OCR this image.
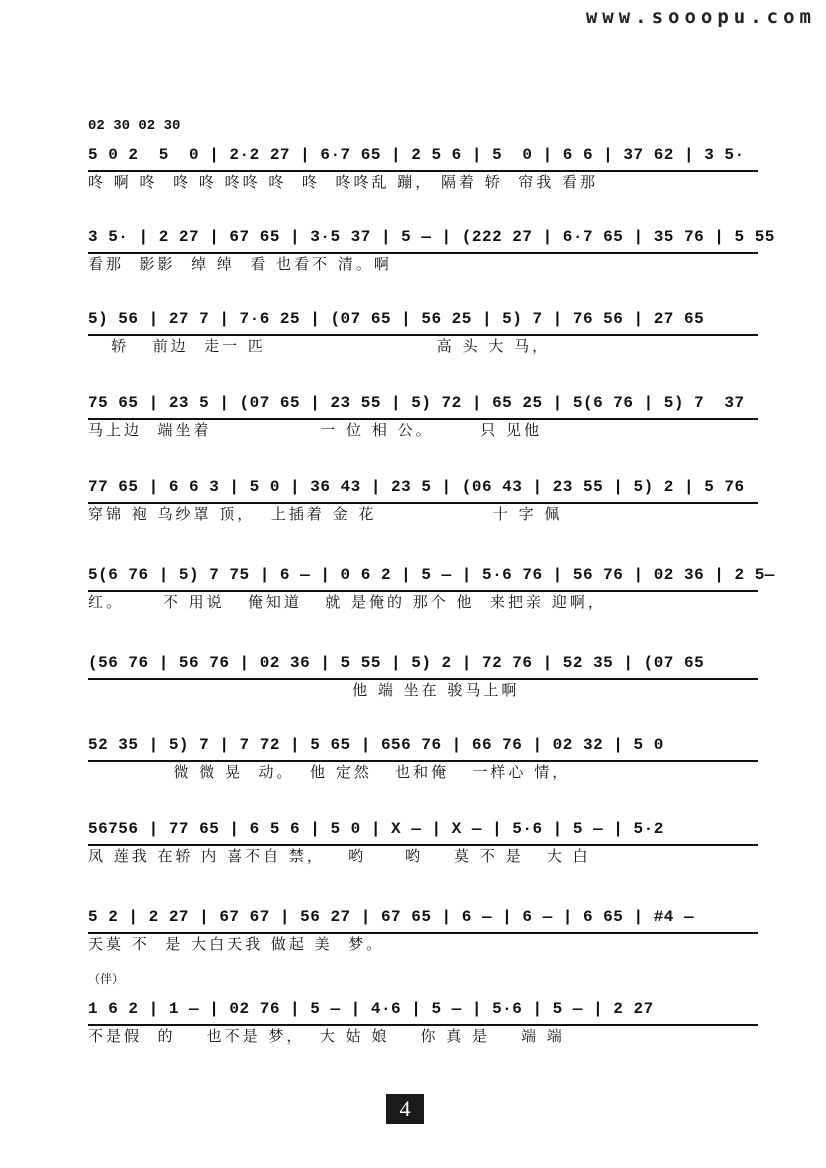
www.sooopu.com
02 30 02 30
5 0 2  5  0 | 2·2 27 | 6·7 65 | 2 5 6 | 5  0 | 6 6 | 37 62 | 3 5·
咚 啊 咚  咚 咚 咚咚 咚  咚  咚咚乱 蹦， 隔着 轿  帘我 看那
3 5· | 2 27 | 67 65 | 3·5 37 | 5 — | (222 27 | 6·7 65 | 35 76 | 5 55
看那  影影  绰 绰  看 也看不 清。啊
5) 56 | 27 7 | 7·6 25 | (07 65 | 56 25 | 5) 7 | 76 56 | 27 65
轿   前边  走一 匹                      高 头 大 马，
75 65 | 23 5 | (07 65 | 23 55 | 5) 72 | 65 25 | 5(6 76 | 5) 7  37
马上边  端坐着              一 位 相 公。      只 见他
77 65 | 6 6 3 | 5 0 | 36 43 | 23 5 | (06 43 | 23 55 | 5) 2 | 5 76
穿锦 袍 乌纱罩 顶，  上插着 金 花               十 字 佩
5(6 76 | 5) 7 75 | 6 — | 0 6 2 | 5 — | 5·6 76 | 56 76 | 02 36 | 2 5—
红。     不 用说   俺知道   就 是俺的 那个 他  来把亲 迎啊，
(56 76 | 56 76 | 02 36 | 5 55 | 5) 2 | 72 76 | 52 35 | (07 65
他 端 坐在 骏马上啊
52 35 | 5) 7 | 7 72 | 5 65 | 656 76 | 66 76 | 02 32 | 5 0
微 微 晃  动。  他 定然   也和俺   一样心 情，
56756 | 77 65 | 6 5 6 | 5 0 | X — | X — | 5·6 | 5 — | 5·2
凤 莲我 在轿 内 喜不自 禁，   哟     哟    莫 不 是   大 白
5 2 | 2 27 | 67 67 | 56 27 | 67 65 | 6 — | 6 — | 6 65 | #4 —
天莫 不  是 大白天我 做起 美  梦。
（伴）
1 6 2 | 1 — | 02 76 | 5 — | 4·6 | 5 — | 5·6 | 5 — | 2 27
不是假  的    也不是 梦，  大 姑 娘    你 真 是    端 端
4
